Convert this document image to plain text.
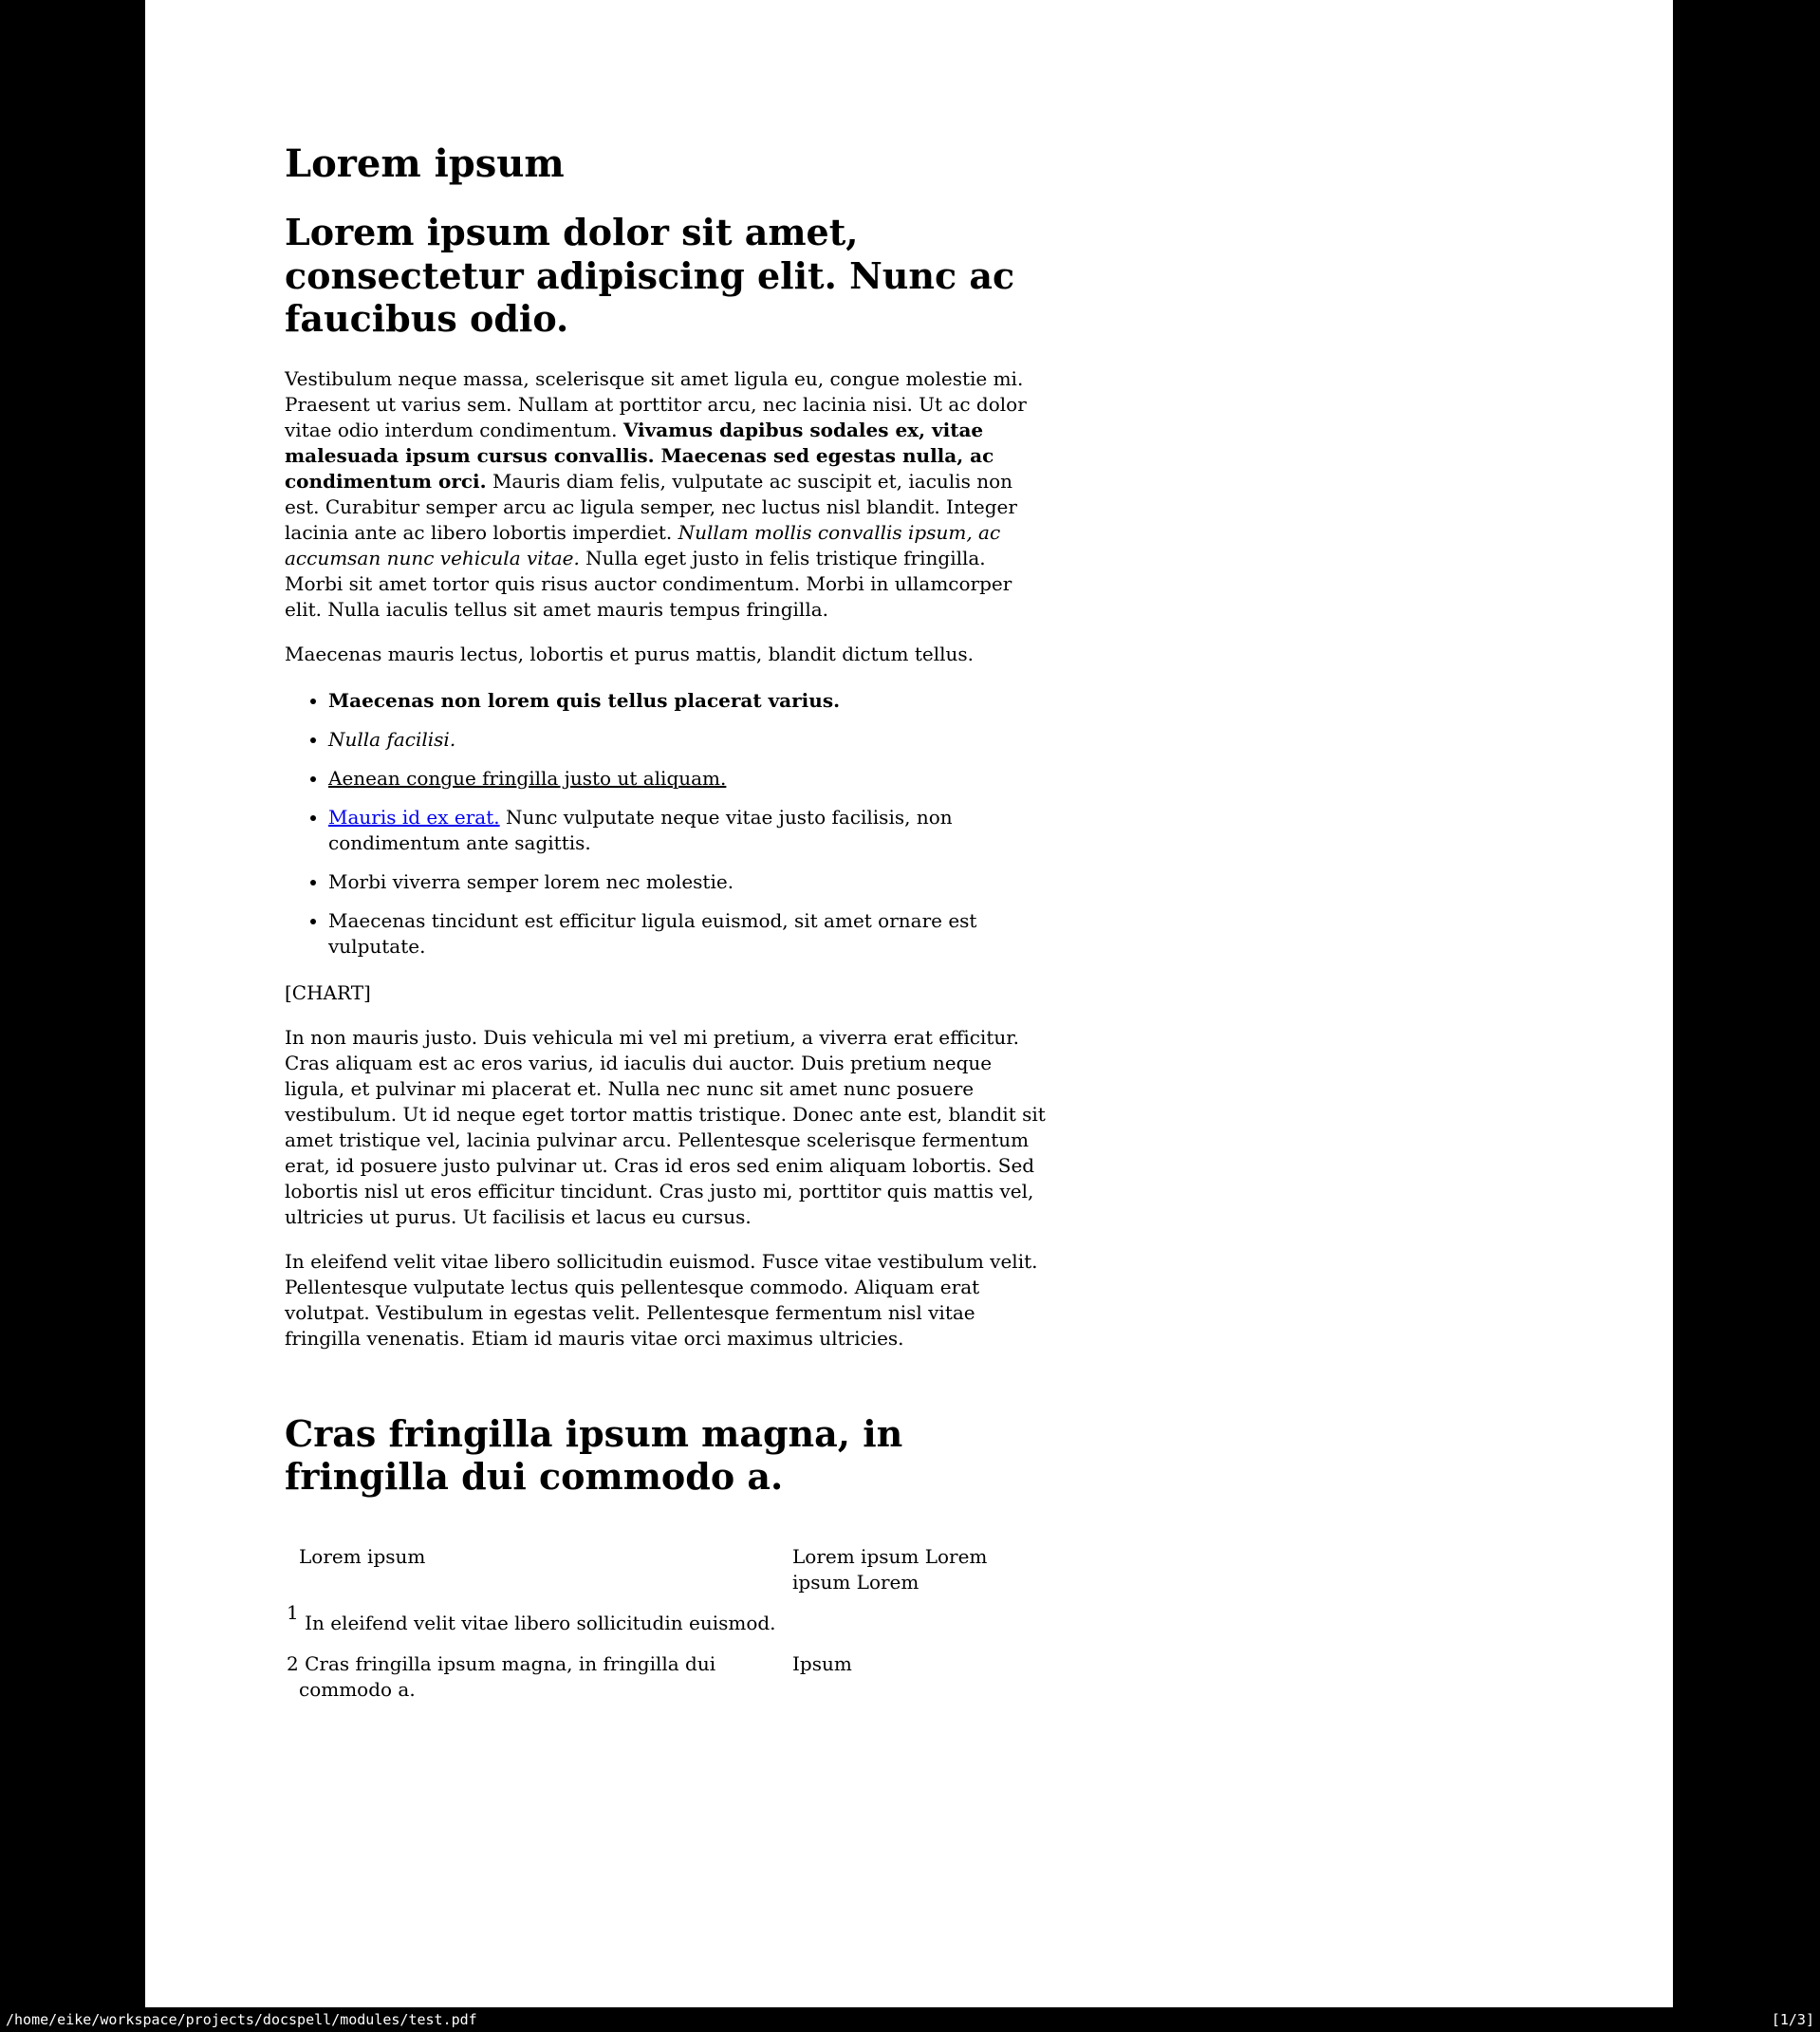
Lorem ipsum
Lorem ipsum dolor sit amet, consectetur adipiscing elit. Nunc ac faucibus odio.

Vestibulum neque massa, scelerisque sit amet ligula eu, congue molestie mi. Praesent ut varius sem. Nullam at porttitor arcu, nec lacinia nisi. Ut ac dolor vitae odio interdum condimentum. Vivamus dapibus sodales ex, vitae malesuada ipsum cursus convallis. Maecenas sed egestas nulla, ac condimentum orci. Mauris diam felis, vulputate ac suscipit et, iaculis non est. Curabitur semper arcu ac ligula semper, nec luctus nisl blandit. Integer lacinia ante ac libero lobortis imperdiet. Nullam mollis convallis ipsum, ac accumsan nunc vehicula vitae. Nulla eget justo in felis tristique fringilla. Morbi sit amet tortor quis risus auctor condimentum. Morbi in ullamcorper elit. Nulla iaculis tellus sit amet mauris tempus fringilla.

Maecenas mauris lectus, lobortis et purus mattis, blandit dictum tellus.

• Maecenas non lorem quis tellus placerat varius.
• Nulla facilisi.
• Aenean congue fringilla justo ut aliquam.
• Mauris id ex erat. Nunc vulputate neque vitae justo facilisis, non condimentum ante sagittis.
• Morbi viverra semper lorem nec molestie.
• Maecenas tincidunt est efficitur ligula euismod, sit amet ornare est vulputate.

[CHART]

In non mauris justo. Duis vehicula mi vel mi pretium, a viverra erat efficitur. Cras aliquam est ac eros varius, id iaculis dui auctor. Duis pretium neque ligula, et pulvinar mi placerat et. Nulla nec nunc sit amet nunc posuere vestibulum. Ut id neque eget tortor mattis tristique. Donec ante est, blandit sit amet tristique vel, lacinia pulvinar arcu. Pellentesque scelerisque fermentum erat, id posuere justo pulvinar ut. Cras id eros sed enim aliquam lobortis. Sed lobortis nisl ut eros efficitur tincidunt. Cras justo mi, porttitor quis mattis vel, ultricies ut purus. Ut facilisis et lacus eu cursus.

In eleifend velit vitae libero sollicitudin euismod. Fusce vitae vestibulum velit. Pellentesque vulputate lectus quis pellentesque commodo. Aliquam erat volutpat. Vestibulum in egestas velit. Pellentesque fermentum nisl vitae fringilla venenatis. Etiam id mauris vitae orci maximus ultricies.

Cras fringilla ipsum magna, in fringilla dui commodo a.
Lorem ipsum	Lorem ipsum Lorem ipsum Lorem
1 In eleifend velit vitae libero sollicitudin euismod.	
2 Cras fringilla ipsum magna, in fringilla dui commodo a.	Ipsum
/home/eike/workspace/projects/docspell/modules/test.pdf	[1/3]
